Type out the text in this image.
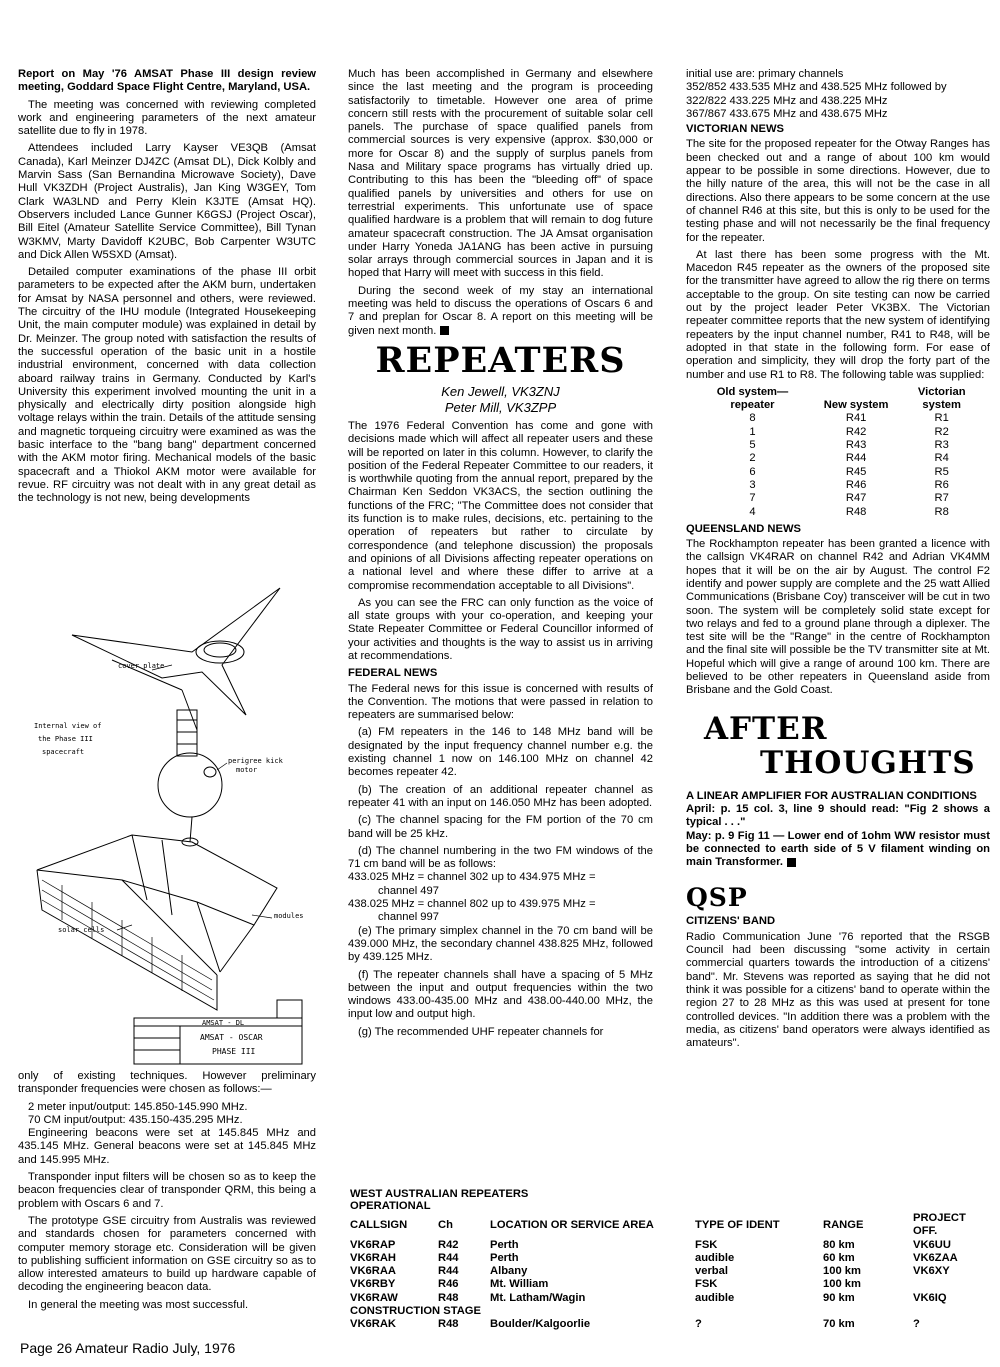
Report on May '76 AMSAT Phase III design review meeting, Goddard Space Flight Centre, Maryland, USA.

The meeting was concerned with reviewing completed work and engineering parameters of the next amateur satellite due to fly in 1978.

Attendees included Larry Kayser VE3QB (Amsat Canada), Karl Meinzer DJ4ZC (Amsat DL), Dick Kolbly and Marvin Sass (San Bernandina Microwave Society), Dave Hull VK3ZDH (Project Australis), Jan King W3GEY, Tom Clark WA3LND and Perry Klein K3JTE (Amsat HQ). Observers included Lance Gunner K6GSJ (Project Oscar), Bill Eitel (Amateur Satellite Service Committee), Bill Tynan W3KMV, Marty Davidoff K2UBC, Bob Carpenter W3UTC and Dick Allen W5SXD (Amsat).

Detailed computer examinations of the phase III orbit parameters to be expected after the AKM burn, undertaken for Amsat by NASA personnel and others, were reviewed. The circuitry of the IHU module (Integrated Housekeeping Unit, the main computer module) was explained in detail by Dr. Meinzer. The group noted with satisfaction the results of the successful operation of the basic unit in a hostile industrial environment, concerned with data collection aboard railway trains in Germany. Conducted by Karl's University this experiment involved mounting the unit in a physically and electrically dirty position alongside high voltage relays within the train. Details of the attitude sensing and magnetic torqueing circuitry were examined as was the basic interface to the "bang bang" department concerned with the AKM motor firing. Mechanical models of the basic spacecraft and a Thiokol AKM motor were available for revue. RF circuitry was not dealt with in any great detail as the technology is not new, being developments

cover plate
Internal view of
the Phase III
spacecraft
perigree kick
motor
modules
solar cells
AMSAT - DL
AMSAT - OSCAR
PHASE III

only of existing techniques. However preliminary transponder frequencies were chosen as follows:—

2 meter input/output: 145.850-145.990 MHz.

70 CM input/output: 435.150-435.295 MHz.

Engineering beacons were set at 145.845 MHz and 435.145 MHz. General beacons were set at 145.845 MHz and 145.995 MHz.

Transponder input filters will be chosen so as to keep the beacon frequencies clear of transponder QRM, this being a problem with Oscars 6 and 7.

The prototype GSE circuitry from Australis was reviewed and standards chosen for parameters concerned with computer memory storage etc. Consideration will be given to publishing sufficient information on GSE circuitry so as to allow interested amateurs to build up hardware capable of decoding the engineering beacon data.

In general the meeting was most successful.

Much has been accomplished in Germany and elsewhere since the last meeting and the program is proceeding satisfactorily to timetable. However one area of prime concern still rests with the procurement of suitable solar cell panels. The purchase of space qualified panels from commercial sources is very expensive (approx. $30,000 or more for Oscar 8) and the supply of surplus panels from Nasa and Military space programs has virtually dried up. Contributing to this has been the "bleeding off" of space qualified panels by universities and others for use on terrestrial experiments. This unfortunate use of space qualified hardware is a problem that will remain to dog future amateur spacecraft construction. The JA Amsat organisation under Harry Yoneda JA1ANG has been active in pursuing solar arrays through commercial sources in Japan and it is hoped that Harry will meet with success in this field.

During the second week of my stay an international meeting was held to discuss the operations of Oscars 6 and 7 and preplan for Oscar 8. A report on this meeting will be given next month.

REPEATERS

Ken Jewell, VK3ZNJ

Peter Mill, VK3ZPP

The 1976 Federal Convention has come and gone with decisions made which will affect all repeater users and these will be reported on later in this column. However, to clarify the position of the Federal Repeater Committee to our readers, it is worthwhile quoting from the annual report, prepared by the Chairman Ken Seddon VK3ACS, the section outlining the functions of the FRC; "The Committee does not consider that its function is to make rules, decisions, etc. pertaining to the operation of repeaters but rather to circulate by correspondence (and telephone discussion) the proposals and opinions of all Divisions affecting repeater operations on a national level and where these differ to arrive at a compromise recommendation acceptable to all Divisions".

As you can see the FRC can only function as the voice of all state groups with your co-operation, and keeping your State Repeater Committee or Federal Councillor informed of your activities and thoughts is the way to assist us in arriving at recommendations.

FEDERAL NEWS

The Federal news for this issue is concerned with results of the Convention. The motions that were passed in relation to repeaters are summarised below:

(a) FM repeaters in the 146 to 148 MHz band will be designated by the input frequency channel number e.g. the existing channel 1 now on 146.100 MHz on channel 42 becomes repeater 42.

(b) The creation of an additional repeater channel as repeater 41 with an input on 146.050 MHz has been adopted.

(c) The channel spacing for the FM portion of the 70 cm band will be 25 kHz.

(d) The channel numbering in the two FM windows of the 71 cm band will be as follows:

433.025 MHz = channel 302 up to 434.975 MHz =

channel 497

438.025 MHz = channel 802 up to 439.975 MHz =

channel 997

(e) The primary simplex channel in the 70 cm band will be 439.000 MHz, the secondary channel 438.825 MHz, followed by 439.125 MHz.

(f) The repeater channels shall have a spacing of 5 MHz between the input and output frequencies within the two windows 433.00-435.00 MHz and 438.00-440.00 MHz, the input low and output high.

(g) The recommended UHF repeater channels for

initial use are: primary channels

352/852 433.535 MHz and 438.525 MHz followed by

322/822 433.225 MHz and 438.225 MHz

367/867 433.675 MHz and 438.675 MHz

VICTORIAN NEWS

The site for the proposed repeater for the Otway Ranges has been checked out and a range of about 100 km would appear to be possible in some directions. However, due to the hilly nature of the area, this will not be the case in all directions. Also there appears to be some concern at the use of channel R46 at this site, but this is only to be used for the testing phase and will not necessarily be the final frequency for the repeater.

At last there has been some progress with the Mt. Macedon R45 repeater as the owners of the proposed site for the transmitter have agreed to allow the rig there on terms acceptable to the group. On site testing can now be carried out by the project leader Peter VK3BX. The Victorian repeater committee reports that the new system of identifying repeaters by the input channel number, R41 to R48, will be adopted in that state in the following form. For ease of operation and simplicity, they will drop the forty part of the number and use R1 to R8. The following table was supplied:

Old system—
repeater	New system	Victorian
system
8	R41	R1
1	R42	R2
5	R43	R3
2	R44	R4
6	R45	R5
3	R46	R6
7	R47	R7
4	R48	R8

QUEENSLAND NEWS

The Rockhampton repeater has been granted a licence with the callsign VK4RAR on channel R42 and Adrian VK4MM hopes that it will be on the air by August. The control F2 identify and power supply are complete and the 25 watt Allied Communications (Brisbane Coy) transceiver will be cut in two soon. The system will be completely solid state except for two relays and fed to a ground plane through a diplexer. The test site will be the "Range" in the centre of Rockhampton and the final site will possible be the TV transmitter site at Mt. Hopeful which will give a range of around 100 km. There are believed to be other repeaters in Queensland aside from Brisbane and the Gold Coast.

AFTER
THOUGHTS

A LINEAR AMPLIFIER FOR AUSTRALIAN CONDITIONS

April: p. 15 col. 3, line 9 should read: "Fig 2 shows a typical . . ."

May: p. 9 Fig 11 — Lower end of 1ohm WW resistor must be connected to earth side of 5 V filament winding on main Transformer.

QSP

CITIZENS' BAND

Radio Communication June '76 reported that the RSGB Council had been discussing "some activity in certain commercial quarters towards the introduction of a citizens' band". Mr. Stevens was reported as saying that he did not think it was possible for a citizens' band to operate within the region 27 to 28 MHz as this was used at present for tone controlled devices. "In addition there was a problem with the media, as citizens' band operators were always identified as amateurs".

WEST AUSTRALIAN REPEATERS
OPERATIONAL
CALLSIGN	Ch	LOCATION OR SERVICE AREA	TYPE OF IDENT	RANGE	PROJECT OFF.
VK6RAP	R42	Perth	FSK	80 km	VK6UU
VK6RAH	R44	Perth	audible	60 km	VK6ZAA
VK6RAA	R44	Albany	verbal	100 km	VK6XY
VK6RBY	R46	Mt. William	FSK	100 km	
VK6RAW	R48	Mt. Latham/Wagin	audible	90 km	VK6IQ
CONSTRUCTION STAGE					
VK6RAK	R48	Boulder/Kalgoorlie	?	70 km	?
Page 26 Amateur Radio July, 1976
